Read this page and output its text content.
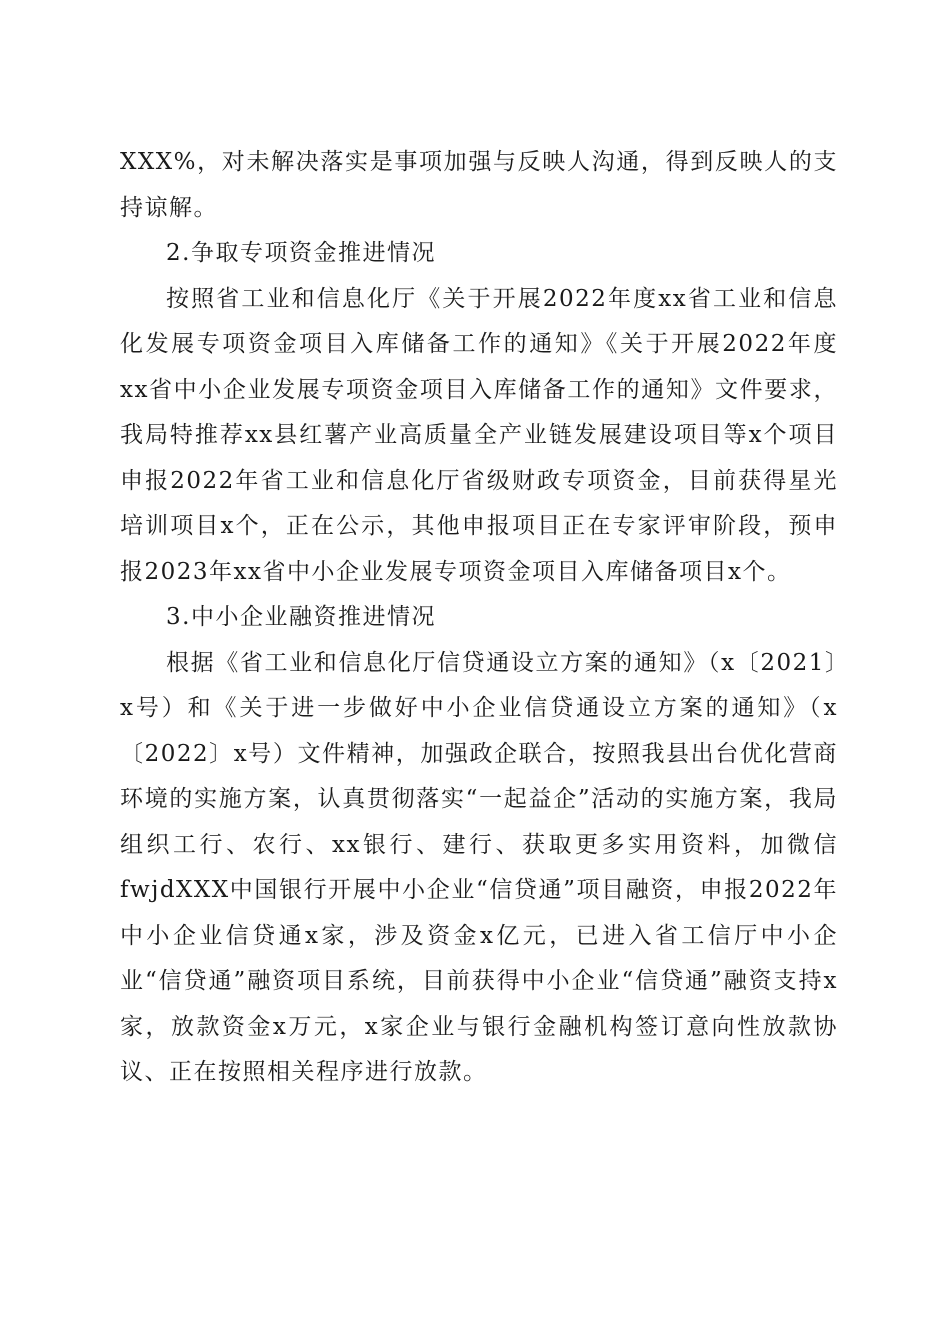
XXX%，对未解决落实是事项加强与反映人沟通，得到反映人的支持谅解。

2.争取专项资金推进情况

按照省工业和信息化厅《关于开展2022年度xx省工业和信息化发展专项资金项目入库储备工作的通知》《关于开展2022年度xx省中小企业发展专项资金项目入库储备工作的通知》文件要求，我局特推荐xx县红薯产业高质量全产业链发展建设项目等x个项目申报2022年省工业和信息化厅省级财政专项资金，目前获得星光培训项目x个，正在公示，其他申报项目正在专家评审阶段，预申报2023年xx省中小企业发展专项资金项目入库储备项目x个。

3.中小企业融资推进情况

根据《省工业和信息化厅信贷通设立方案的通知》（x〔2021〕x号）和《关于进一步做好中小企业信贷通设立方案的通知》（x〔2022〕x号）文件精神，加强政企联合，按照我县出台优化营商环境的实施方案，认真贯彻落实“一起益企”活动的实施方案，我局组织工行、农行、xx银行、建行、获取更多实用资料，加微信fwjdXXX中国银行开展中小企业“信贷通”项目融资，申报2022年中小企业信贷通x家，涉及资金x亿元，已进入省工信厅中小企业“信贷通”融资项目系统，目前获得中小企业“信贷通”融资支持x家，放款资金x万元，x家企业与银行金融机构签订意向性放款协议、正在按照相关程序进行放款。
